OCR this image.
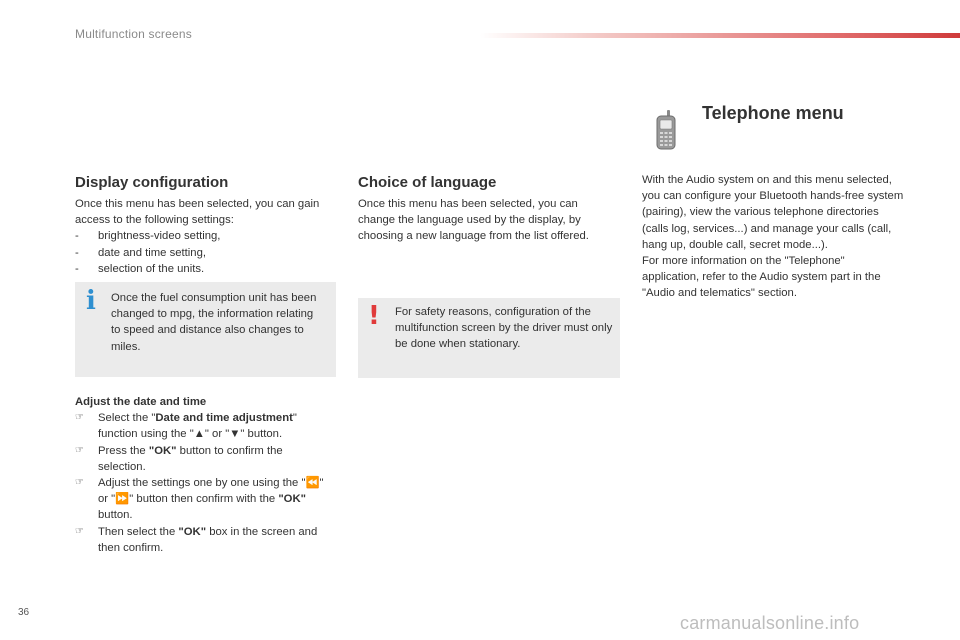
Multifunction screens
Display configuration

Once this menu has been selected, you can gain access to the following settings:

- brightness-video setting,
- date and time setting,
- selection of the units.
i Once the fuel consumption unit has been changed to mpg, the information relating to speed and distance also changes to miles.

Adjust the date and time

☞ Select the "Date and time adjustment" function using the "▲" or "▼" button.
☞ Press the "OK" button to confirm the selection.
☞ Adjust the settings one by one using the "⏪" or "⏩" button then confirm with the "OK" button.
☞ Then select the "OK" box in the screen and then confirm.
Choice of language
Once this menu has been selected, you can change the language used by the display, by choosing a new language from the list offered.
! For safety reasons, configuration of the multifunction screen by the driver must only be done when stationary.
Telephone menu

With the Audio system on and this menu selected, you can configure your Bluetooth hands-free system (pairing), view the various telephone directories (calls log, services...) and manage your calls (call, hang up, double call, secret mode...).

For more information on the "Telephone" application, refer to the Audio system part in the "Audio and telematics" section.

36
carmanualsonline.info
